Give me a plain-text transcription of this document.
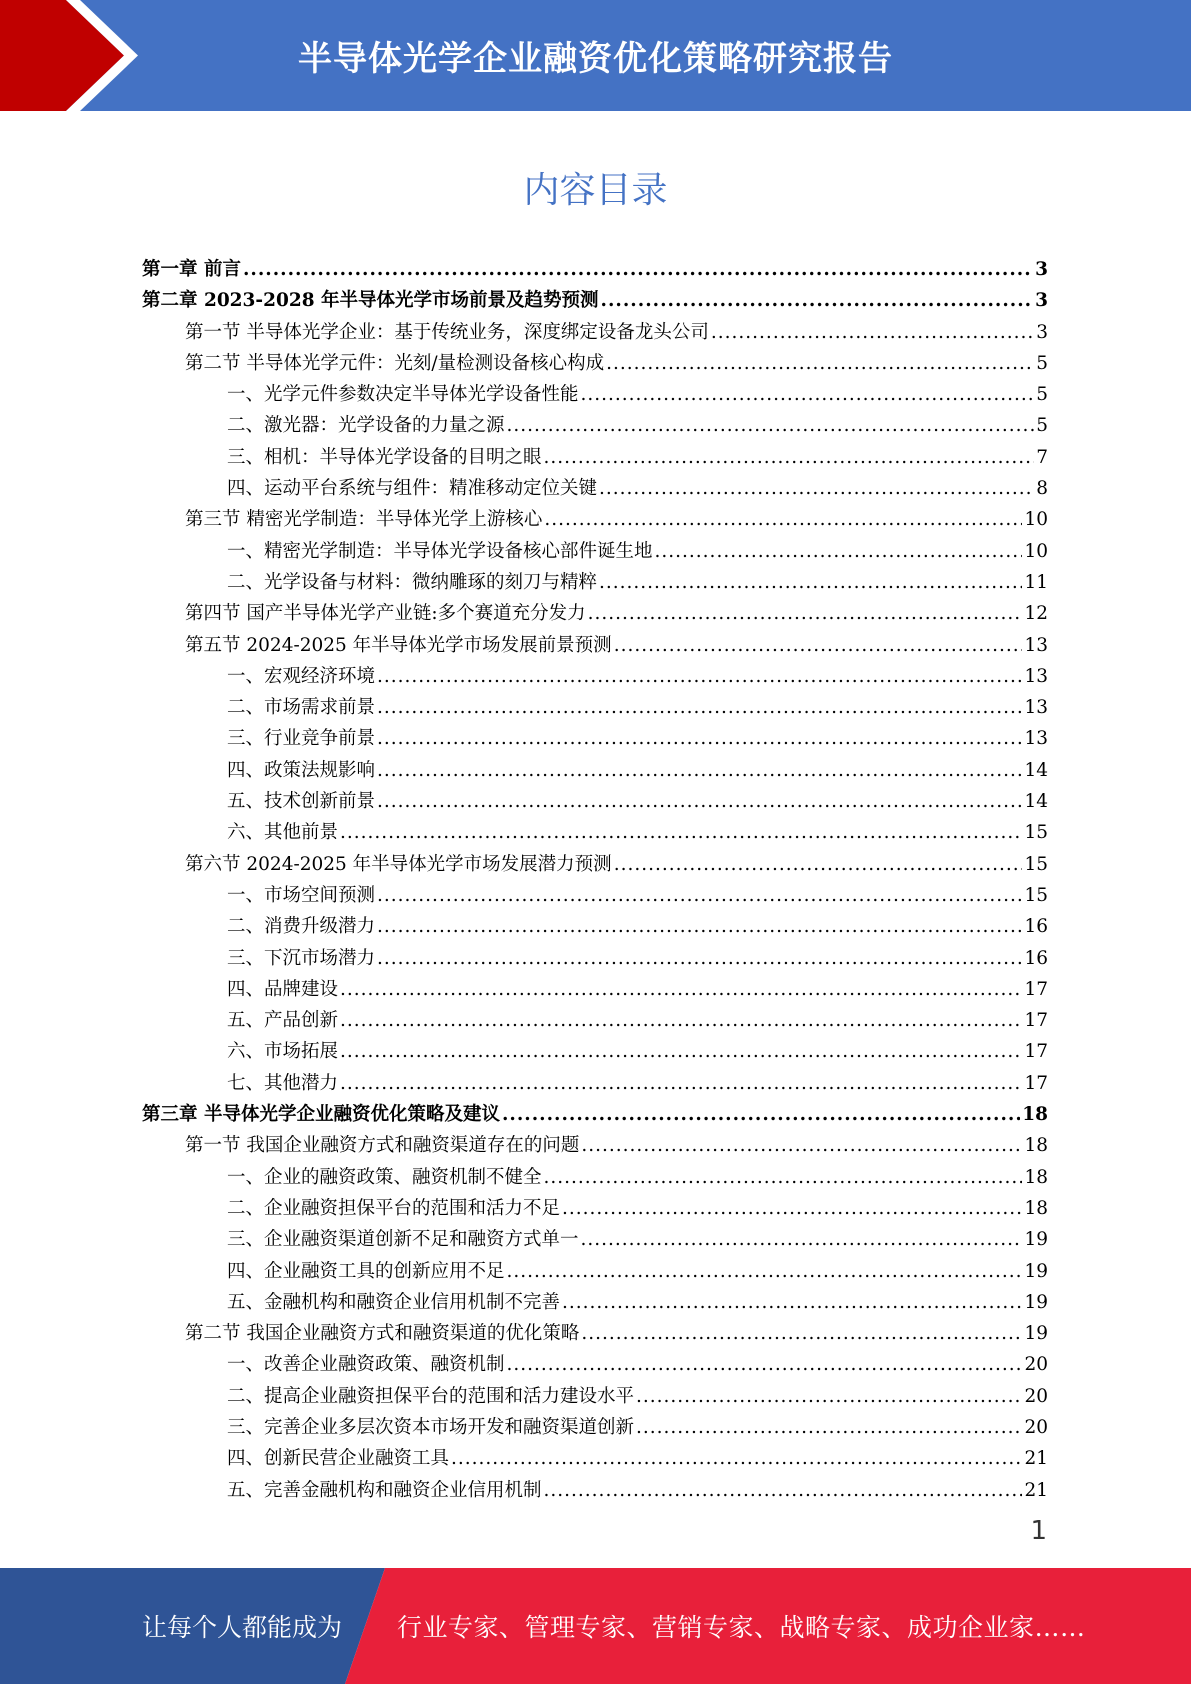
半导体光学企业融资优化策略研究报告
内容目录
第一章 前言 .....	3
第二章 2023-2028 年半导体光学市场前景及趋势预测 .....	3
第一节 半导体光学企业：基于传统业务，深度绑定设备龙头公司 .....	3
第二节 半导体光学元件：光刻/量检测设备核心构成 .....	5
一、光学元件参数决定半导体光学设备性能 .....	5
二、激光器：光学设备的力量之源 .....	5
三、相机：半导体光学设备的目明之眼 .....	7
四、运动平台系统与组件：精准移动定位关键 .....	8
第三节 精密光学制造：半导体光学上游核心 .....	10
一、精密光学制造：半导体光学设备核心部件诞生地 .....	10
二、光学设备与材料：微纳雕琢的刻刀与精粹 .....	11
第四节 国产半导体光学产业链:多个赛道充分发力 .....	12
第五节 2024-2025 年半导体光学市场发展前景预测 .....	13
一、宏观经济环境 .....	13
二、市场需求前景 .....	13
三、行业竞争前景 .....	13
四、政策法规影响 .....	14
五、技术创新前景 .....	14
六、其他前景 .....	15
第六节 2024-2025 年半导体光学市场发展潜力预测 .....	15
一、市场空间预测 .....	15
二、消费升级潜力 .....	16
三、下沉市场潜力 .....	16
四、品牌建设 .....	17
五、产品创新 .....	17
六、市场拓展 .....	17
七、其他潜力 .....	17
第三章 半导体光学企业融资优化策略及建议 .....	18
第一节 我国企业融资方式和融资渠道存在的问题 .....	18
一、企业的融资政策、融资机制不健全 .....	18
二、企业融资担保平台的范围和活力不足 .....	18
三、企业融资渠道创新不足和融资方式单一 .....	19
四、企业融资工具的创新应用不足 .....	19
五、金融机构和融资企业信用机制不完善 .....	19
第二节 我国企业融资方式和融资渠道的优化策略 .....	19
一、改善企业融资政策、融资机制 .....	20
二、提高企业融资担保平台的范围和活力建设水平 .....	20
三、完善企业多层次资本市场开发和融资渠道创新 .....	20
四、创新民营企业融资工具 .....	21
五、完善金融机构和融资企业信用机制 .....	21
1
让每个人都能成为 行业专家、管理专家、营销专家、战略专家、成功企业家……
